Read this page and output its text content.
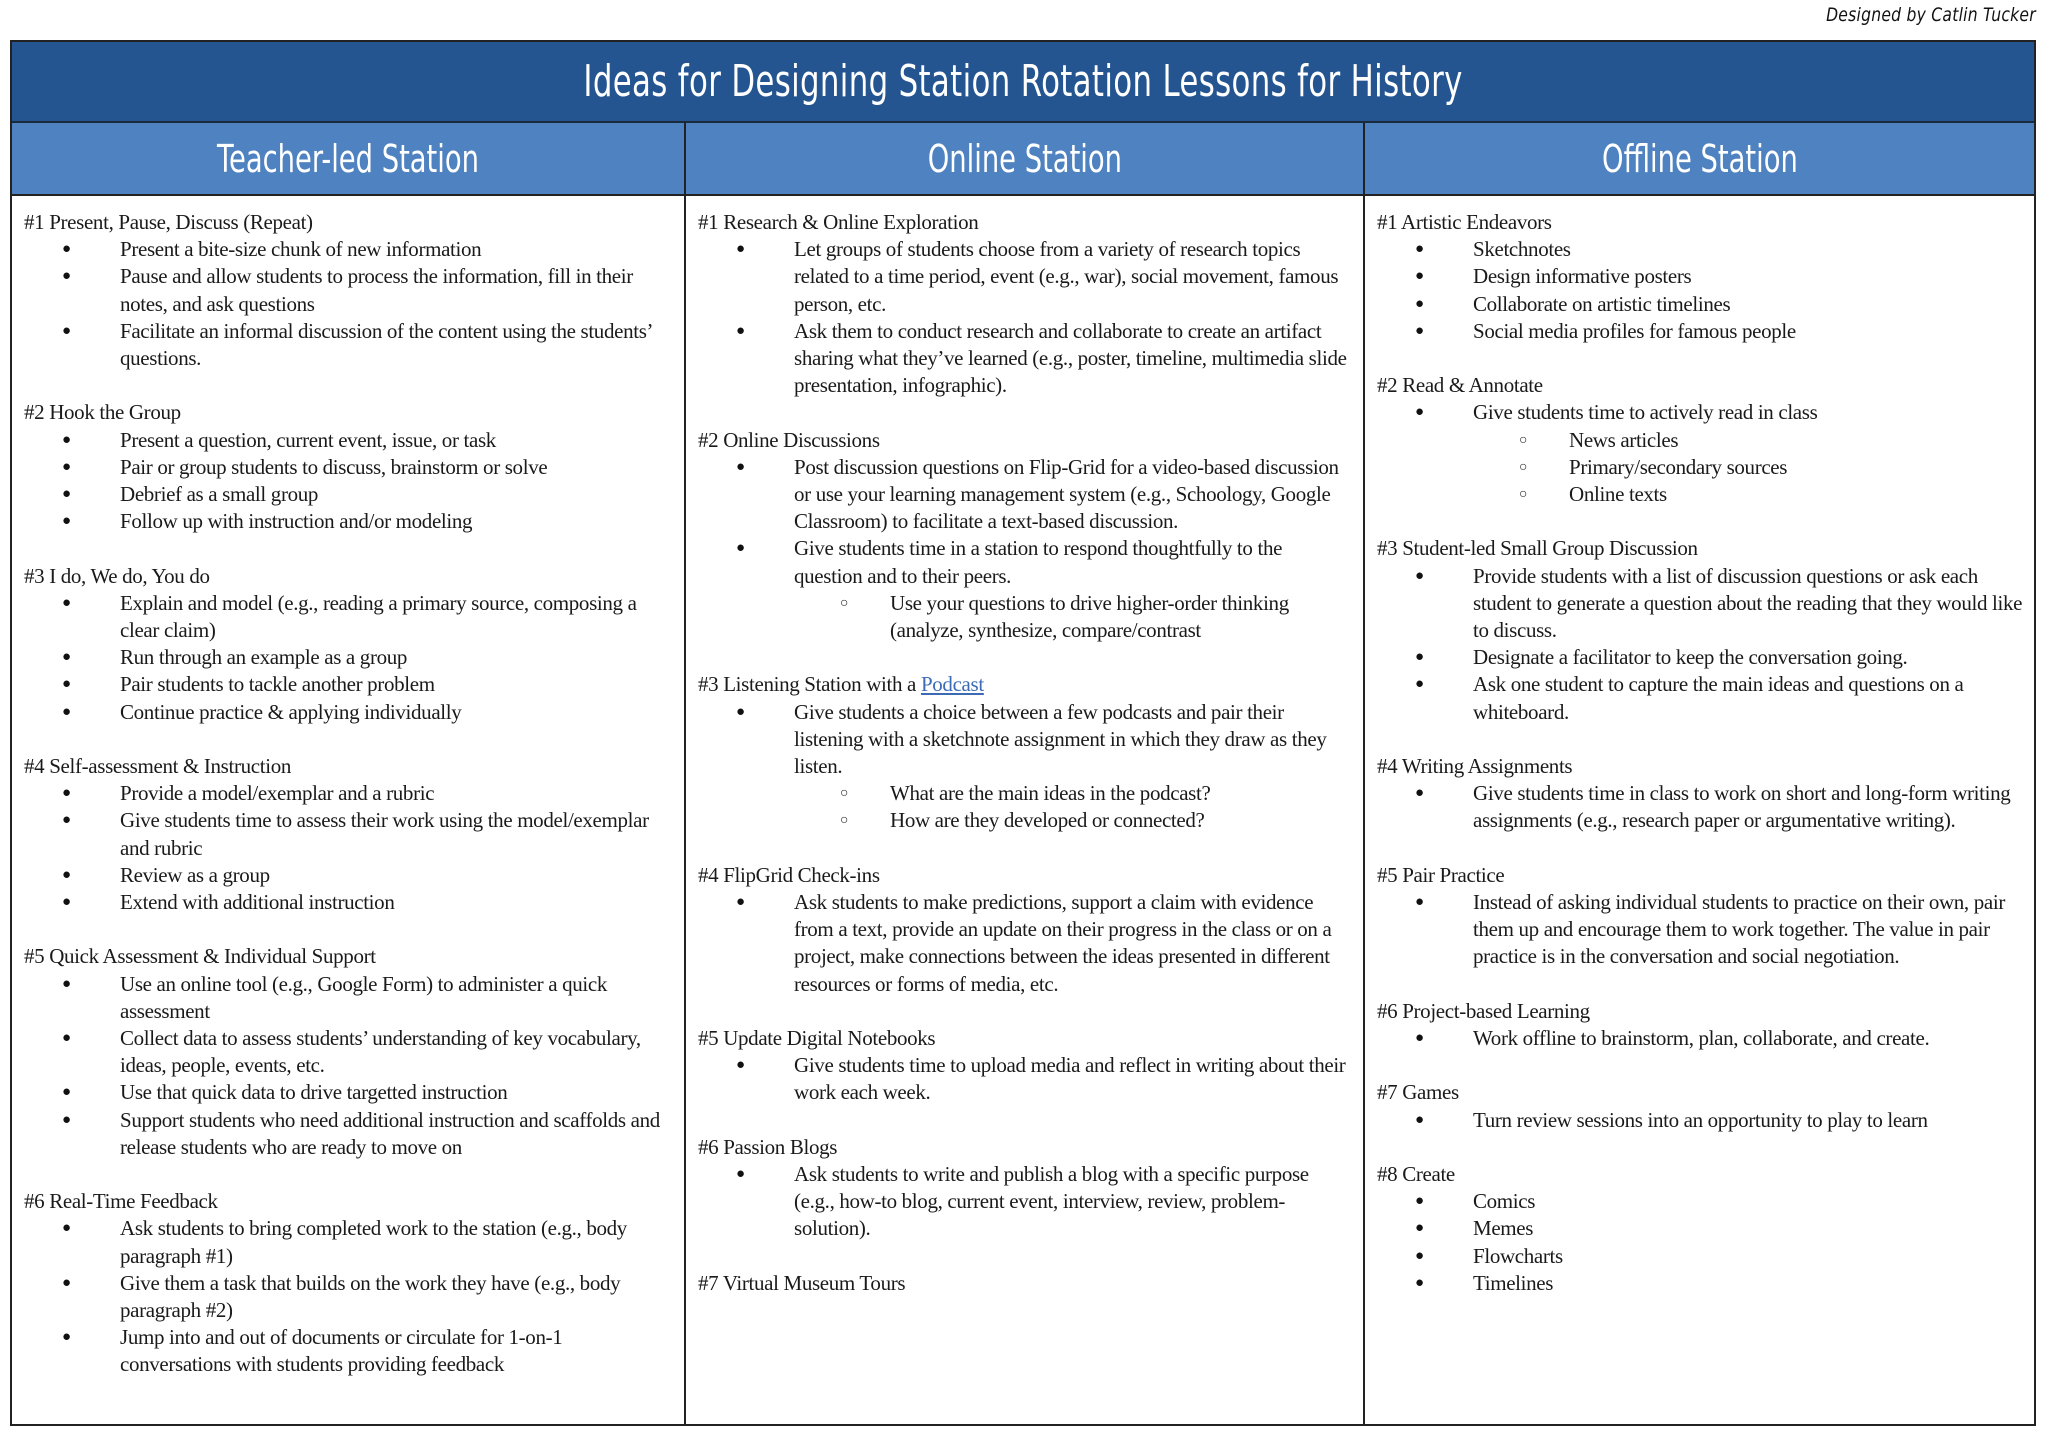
Designed by Catlin Tucker
Ideas for Designing Station Rotation Lessons for History
Teacher-led Station	Online Station	Offline Station
#1 Present, Pause, Discuss (Repeat)
● Present a bite-size chunk of new information
● Pause and allow students to process the information, fill in their notes, and ask questions
● Facilitate an informal discussion of the content using the students’ questions.
#2 Hook the Group
● Present a question, current event, issue, or task
● Pair or group students to discuss, brainstorm or solve
● Debrief as a small group
● Follow up with instruction and/or modeling
#3 I do, We do, You do
● Explain and model (e.g., reading a primary source, composing a clear claim)
● Run through an example as a group
● Pair students to tackle another problem
● Continue practice & applying individually
#4 Self-assessment & Instruction
● Provide a model/exemplar and a rubric
● Give students time to assess their work using the model/exemplar and rubric
● Review as a group
● Extend with additional instruction
#5 Quick Assessment & Individual Support
● Use an online tool (e.g., Google Form) to administer a quick assessment
● Collect data to assess students’ understanding of key vocabulary, ideas, people, events, etc.
● Use that quick data to drive targetted instruction
● Support students who need additional instruction and scaffolds and release students who are ready to move on
#6 Real-Time Feedback
● Ask students to bring completed work to the station (e.g., body paragraph #1)
● Give them a task that builds on the work they have (e.g., body paragraph #2)
● Jump into and out of documents or circulate for 1-on-1 conversations with students providing feedback
#1 Research & Online Exploration
● Let groups of students choose from a variety of research topics related to a time period, event (e.g., war), social movement, famous person, etc.
● Ask them to conduct research and collaborate to create an artifact sharing what they’ve learned (e.g., poster, timeline, multimedia slide presentation, infographic).
#2 Online Discussions
● Post discussion questions on Flip-Grid for a video-based discussion or use your learning management system (e.g., Schoology, Google Classroom) to facilitate a text-based discussion.
● Give students time in a station to respond thoughtfully to the question and to their peers.
○ Use your questions to drive higher-order thinking (analyze, synthesize, compare/contrast
#3 Listening Station with a Podcast
● Give students a choice between a few podcasts and pair their listening with a sketchnote assignment in which they draw as they listen.
○ What are the main ideas in the podcast?
○ How are they developed or connected?
#4 FlipGrid Check-ins
● Ask students to make predictions, support a claim with evidence from a text, provide an update on their progress in the class or on a project, make connections between the ideas presented in different resources or forms of media, etc.
#5 Update Digital Notebooks
● Give students time to upload media and reflect in writing about their work each week.
#6 Passion Blogs
● Ask students to write and publish a blog with a specific purpose (e.g., how-to blog, current event, interview, review, problem-solution).
#7 Virtual Museum Tours
#1 Artistic Endeavors
● Sketchnotes
● Design informative posters
● Collaborate on artistic timelines
● Social media profiles for famous people
#2 Read & Annotate
● Give students time to actively read in class
○ News articles
○ Primary/secondary sources
○ Online texts
#3 Student-led Small Group Discussion
● Provide students with a list of discussion questions or ask each student to generate a question about the reading that they would like to discuss.
● Designate a facilitator to keep the conversation going.
● Ask one student to capture the main ideas and questions on a whiteboard.
#4 Writing Assignments
● Give students time in class to work on short and long-form writing assignments (e.g., research paper or argumentative writing).
#5 Pair Practice
● Instead of asking individual students to practice on their own, pair them up and encourage them to work together. The value in pair practice is in the conversation and social negotiation.
#6 Project-based Learning
● Work offline to brainstorm, plan, collaborate, and create.
#7 Games
● Turn review sessions into an opportunity to play to learn
#8 Create
● Comics
● Memes
● Flowcharts
● Timelines
